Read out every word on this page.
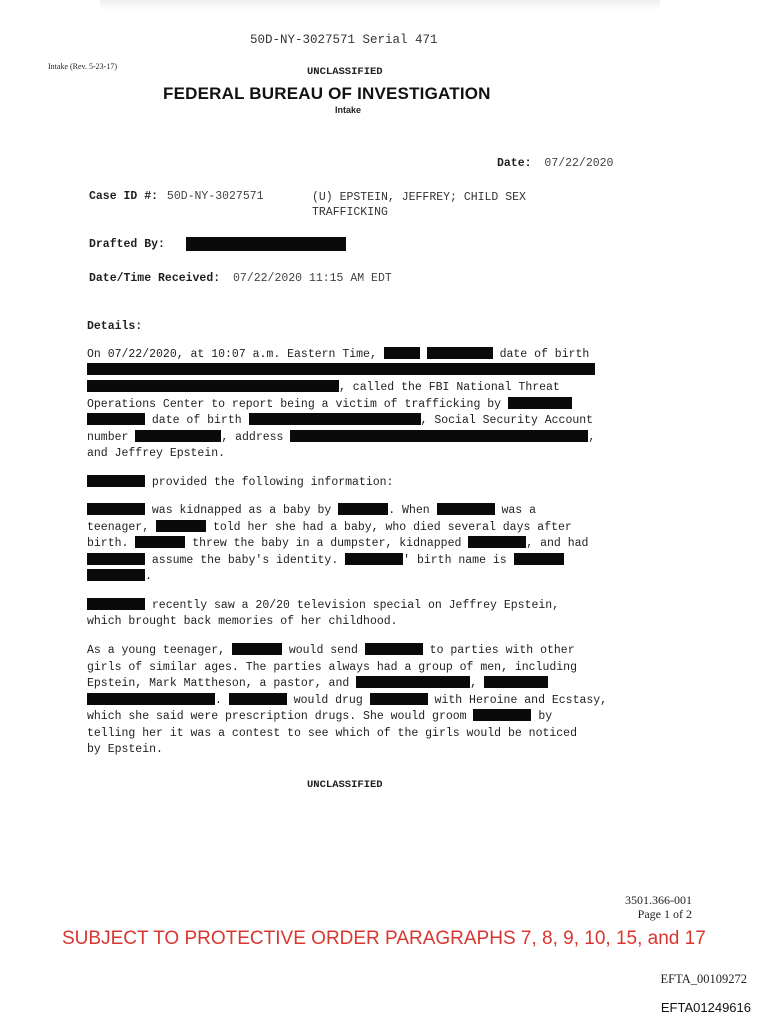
50D-NY-3027571 Serial 471
Intake (Rev. 5-23-17)	UNCLASSIFIED
FEDERAL BUREAU OF INVESTIGATION
Intake
Date: 07/22/2020
Case ID #: 50D-NY-3027571	(U) EPSTEIN, JEFFREY; CHILD SEX
TRAFFICKING
Drafted By:
Date/Time Received: 07/22/2020 11:15 AM EDT
Details:
On 07/22/2020, at 10:07 a.m. Eastern Time,	date of birth
, called the FBI National Threat
Operations Center to report being a victim of trafficking by
date of birth	, Social Security Account
number	, address	,
and Jeffrey Epstein.
provided the following information:
was kidnapped as a baby by	. When	was a
teenager,	told her she had a baby, who died several days after
birth.	threw the baby in a dumpster, kidnapped	, and had
assume the baby's identity.	' birth name is
.
recently saw a 20/20 television special on Jeffrey Epstein,
which brought back memories of her childhood.
As a young teenager,	would send	to parties with other
girls of similar ages. The parties always had a group of men, including
Epstein, Mark Mattheson, a pastor, and	,
.	would drug	with Heroine and Ecstasy,
which she said were prescription drugs. She would groom	by
telling her it was a contest to see which of the girls would be noticed
by Epstein.
UNCLASSIFIED
3501.366-001
Page 1 of 2
SUBJECT TO PROTECTIVE ORDER PARAGRAPHS 7, 8, 9, 10, 15, and 17
EFTA_00109272
EFTA01249616
